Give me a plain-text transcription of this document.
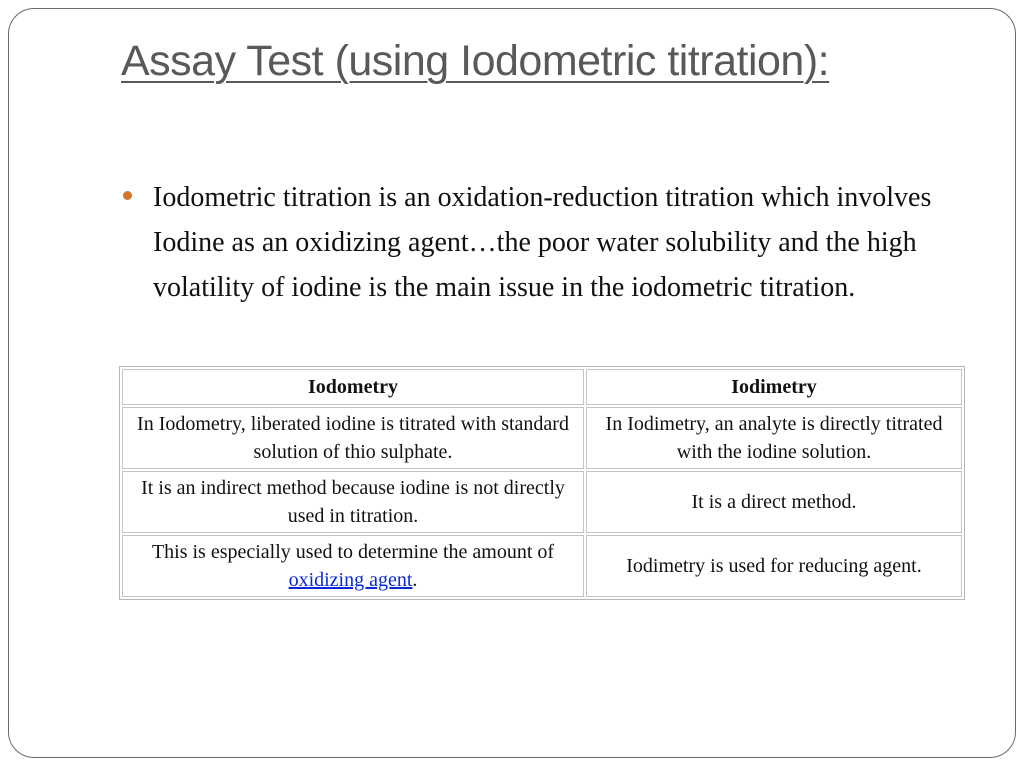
Assay Test (using Iodometric titration):

Iodometric titration is an oxidation-reduction titration which involves Iodine as an oxidizing agent…the poor water solubility and the high volatility of iodine is the main issue in the iodometric titration.

Iodometry	Iodimetry
In Iodometry, liberated iodine is titrated with standard solution of thio sulphate.	In Iodimetry, an analyte is directly titrated with the iodine solution.
It is an indirect method because iodine is not directly used in titration.	It is a direct method.
This is especially used to determine the amount of oxidizing agent.	Iodimetry is used for reducing agent.
